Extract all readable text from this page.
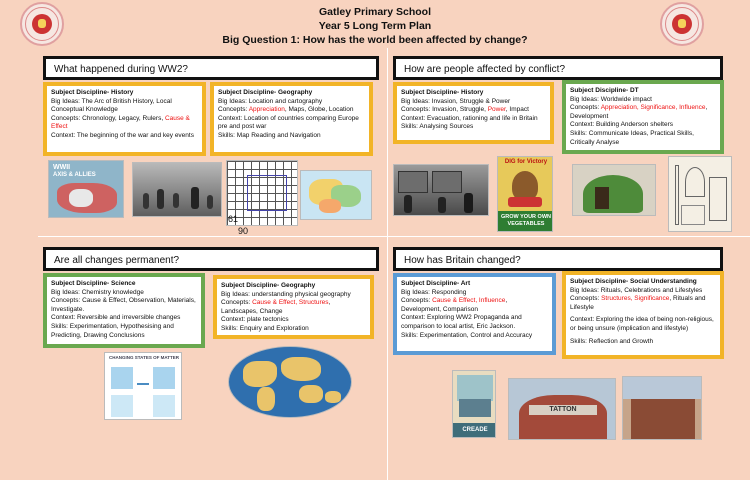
Gatley Primary School
Year 5 Long Term Plan
Big Question 1: How has the world been affected by change?
What happened during WW2?

Subject Discipline- History

Big Ideas: The Arc of British History, Local Conceptual Knowledge

Concepts: Chronology, Legacy, Rulers, Cause & Effect

Context: The beginning of the war and key events

Subject Discipline- Geography

Big Ideas: Location and cartography

Concepts: Appreciation, Maps, Globe, Location

Context: Location of countries comparing Europe pre and post war

Skills: Map Reading and Navigation

WWII
AXIS & ALLIES
61
90
How are people affected by conflict?

Subject Discipline- History

Big Ideas: Invasion, Struggle & Power

Concepts: Invasion, Struggle, Power, Impact

Context: Evacuation, rationing and life in Britain

Skills: Analysing Sources

Subject Discipline- DT

Big Ideas: Worldwide impact

Concepts: Appreciation, Significance, Influence, Development

Context: Building Anderson shelters

Skills: Communicate Ideas, Practical Skills, Critically Analyse

DIG for Victory
GROW YOUR OWN VEGETABLES
Are all changes permanent?

Subject Discipline- Science

Big Ideas: Chemistry knowledge

Concepts: Cause & Effect, Observation, Materials, Investigate.

Context: Reversible and irreversible changes

Skills: Experimentation, Hypothesising and Predicting, Drawing Conclusions

Subject Discipline- Geography

Big Ideas: understanding physical geography

Concepts: Cause & Effect, Structures, Landscapes, Change

Context: plate tectonics

Skills: Enquiry and Exploration

CHANGING STATES OF MATTER
How has Britain changed?

Subject Discipline- Art

Big Ideas: Responding

Concepts: Cause & Effect, Influence, Development, Comparison

Context: Exploring WW2 Propaganda and comparison to local artist, Eric Jackson.

Skills: Experimentation, Control and Accuracy

Subject Discipline- Social Understanding

Big Ideas: Rituals, Celebrations and Lifestyles

Concepts: Structures, Significance, Rituals and Lifestyle

Context: Exploring the idea of being non-religious, or being unsure (implication and lifestyle)

Skills: Reflection and Growth

CREADE
TATTON
